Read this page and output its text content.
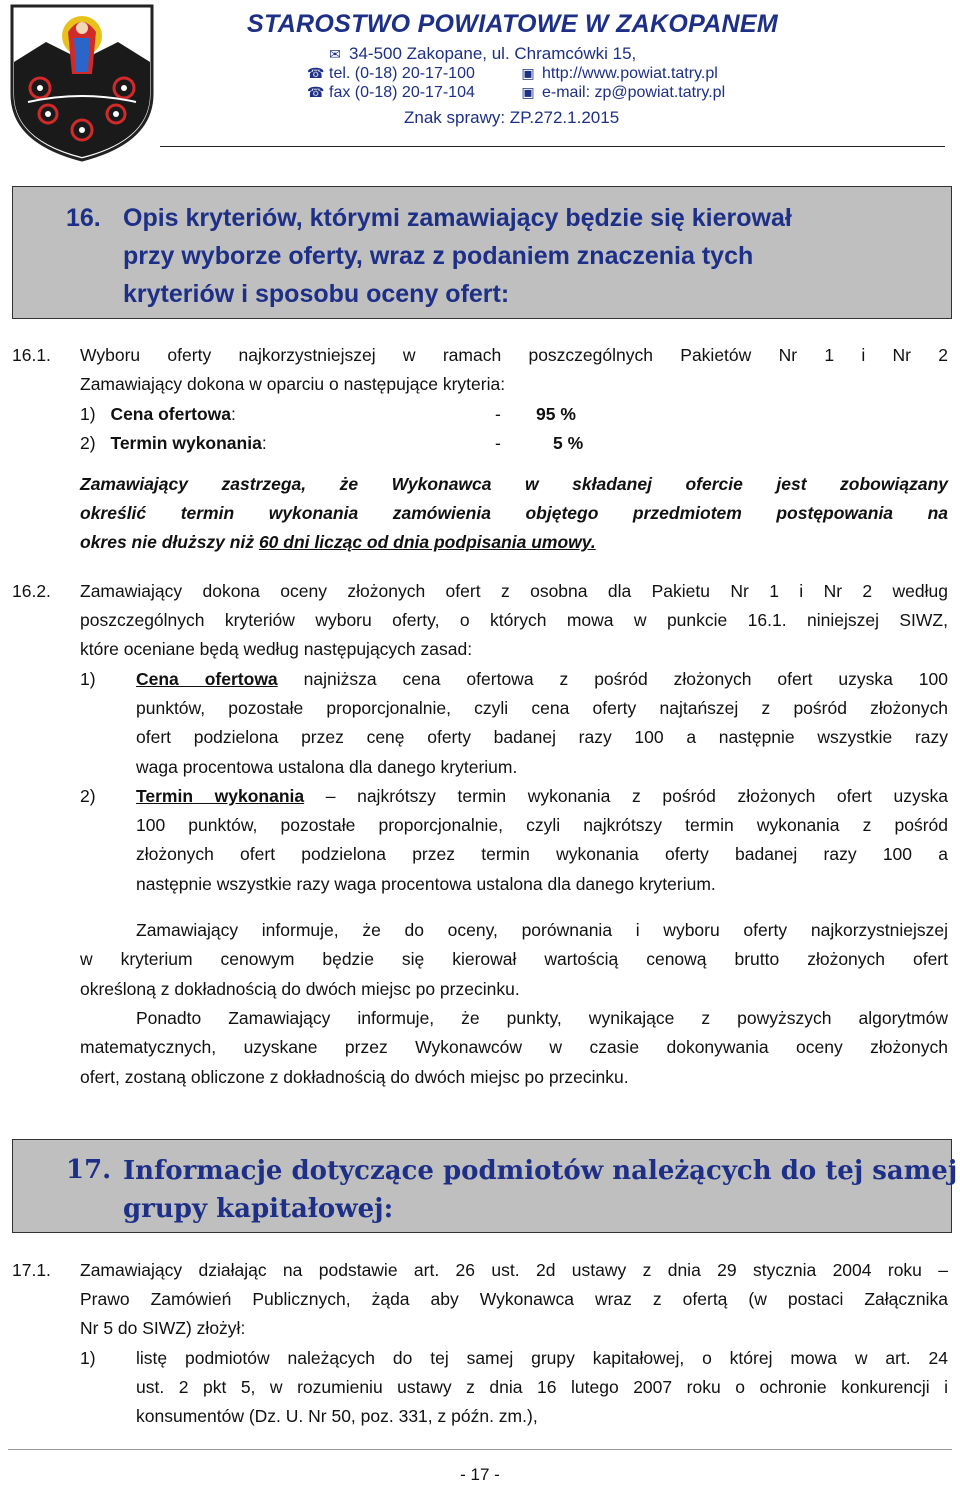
STAROSTWO POWIATOWE W ZAKOPANEM
✉ 34-500 Zakopane, ul. Chramcówki 15,
☎ tel. (0-18) 20-17-100
☎ fax (0-18) 20-17-104
▣ http://www.powiat.tatry.pl
▣ e-mail: zp@powiat.tatry.pl
Znak sprawy: ZP.272.1.2015
16. Opis kryteriów, którymi zamawiający będzie się kierował
przy wyborze oferty, wraz z podaniem znaczenia tych
kryteriów i sposobu oceny ofert:
16.1. Wyboru oferty najkorzystniejszej w ramach poszczególnych Pakietów Nr 1 i Nr 2
Zamawiający dokona w oparciu o następujące kryteria:
1) Cena ofertowa:	- 95 %
2) Termin wykonania:	-	5 %
Zamawiający zastrzega, że Wykonawca w składanej ofercie jest zobowiązany
określić termin wykonania zamówienia objętego przedmiotem postępowania na
okres nie dłuższy niż 60 dni licząc od dnia podpisania umowy.
16.2. Zamawiający dokona oceny złożonych ofert z osobna dla Pakietu Nr 1 i Nr 2 według
poszczególnych kryteriów wyboru oferty, o których mowa w punkcie 16.1. niniejszej SIWZ,
które oceniane będą według następujących zasad:
1) Cena ofertowa najniższa cena ofertowa z pośród złożonych ofert uzyska 100
punktów, pozostałe proporcjonalnie, czyli cena oferty najtańszej z pośród złożonych
ofert podzielona przez cenę oferty badanej razy 100 a następnie wszystkie razy
waga procentowa ustalona dla danego kryterium.
2) Termin wykonania – najkrótszy termin wykonania z pośród złożonych ofert uzyska
100 punktów, pozostałe proporcjonalnie, czyli najkrótszy termin wykonania z pośród
złożonych ofert podzielona przez termin wykonania oferty badanej razy 100 a
następnie wszystkie razy waga procentowa ustalona dla danego kryterium.
Zamawiający informuje, że do oceny, porównania i wyboru oferty najkorzystniejszej
w kryterium cenowym będzie się kierował wartością cenową brutto złożonych ofert
określoną z dokładnością do dwóch miejsc po przecinku.
Ponadto Zamawiający informuje, że punkty, wynikające z powyższych algorytmów
matematycznych, uzyskane przez Wykonawców w czasie dokonywania oceny złożonych
ofert, zostaną obliczone z dokładnością do dwóch miejsc po przecinku.
17. Informacje dotyczące podmiotów należących do tej samej
grupy kapitałowej:
17.1. Zamawiający działając na podstawie art. 26 ust. 2d ustawy z dnia 29 stycznia 2004 roku –
Prawo Zamówień Publicznych, żąda aby Wykonawca wraz z ofertą (w postaci Załącznika
Nr 5 do SIWZ) złożył:
1) listę podmiotów należących do tej samej grupy kapitałowej, o której mowa w art. 24
ust. 2 pkt 5, w rozumieniu ustawy z dnia 16 lutego 2007 roku o ochronie konkurencji i
konsumentów (Dz. U. Nr 50, poz. 331, z późn. zm.),
- 17 -
